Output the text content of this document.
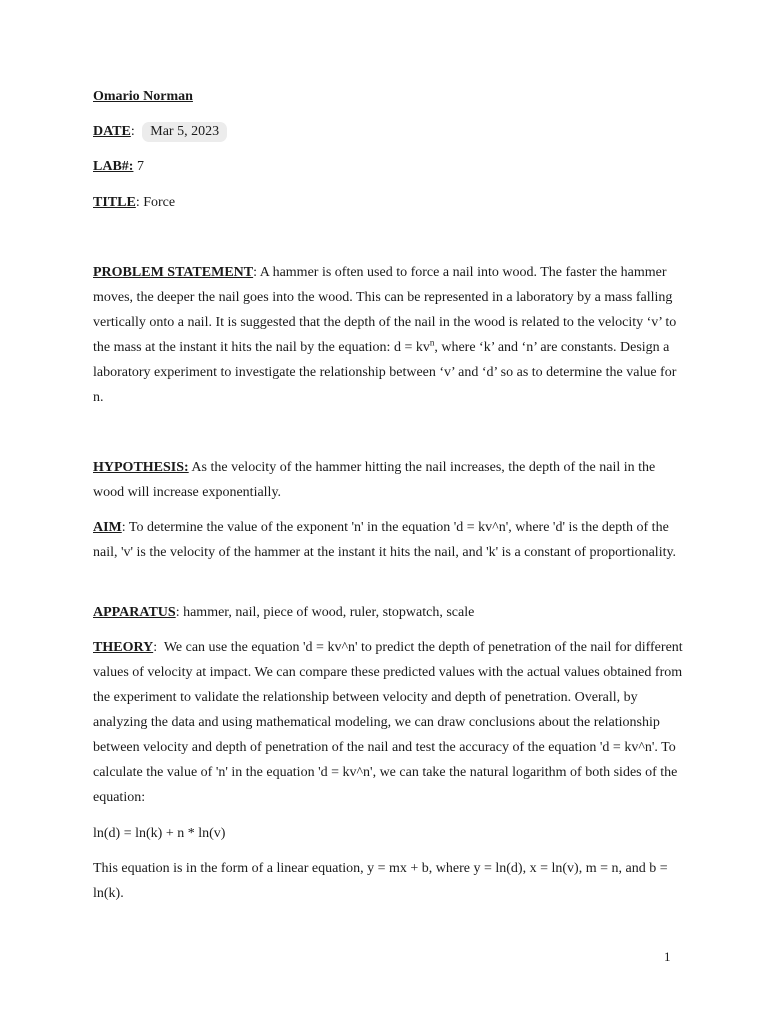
Omario Norman
DATE: Mar 5, 2023
LAB#: 7
TITLE: Force

PROBLEM STATEMENT: A hammer is often used to force a nail into wood. The faster the hammer moves, the deeper the nail goes into the wood. This can be represented in a laboratory by a mass falling vertically onto a nail. It is suggested that the depth of the nail in the wood is related to the velocity ‘v’ to the mass at the instant it hits the nail by the equation: $d = kv^n$, where ‘k’ and ‘n’ are constants. Design a laboratory experiment to investigate the relationship between ‘v’ and ‘d’ so as to determine the value for n.

HYPOTHESIS: As the velocity of the hammer hitting the nail increases, the depth of the nail in the wood will increase exponentially.

AIM: To determine the value of the exponent 'n' in the equation 'd = kv^n', where 'd' is the depth of the nail, 'v' is the velocity of the hammer at the instant it hits the nail, and 'k' is a constant of proportionality.

APPARATUS: hammer, nail, piece of wood, ruler, stopwatch, scale

THEORY:  We can use the equation 'd = kv^n' to predict the depth of penetration of the nail for different values of velocity at impact. We can compare these predicted values with the actual values obtained from the experiment to validate the relationship between velocity and depth of penetration. Overall, by analyzing the data and using mathematical modeling, we can draw conclusions about the relationship between velocity and depth of penetration of the nail and test the accuracy of the equation 'd = kv^n'. To calculate the value of 'n' in the equation 'd = kv^n', we can take the natural logarithm of both sides of the equation:

ln(d) = ln(k) + n * ln(v)

This equation is in the form of a linear equation, y = mx + b, where y = ln(d), x = ln(v), m = n, and b = ln(k).

1
